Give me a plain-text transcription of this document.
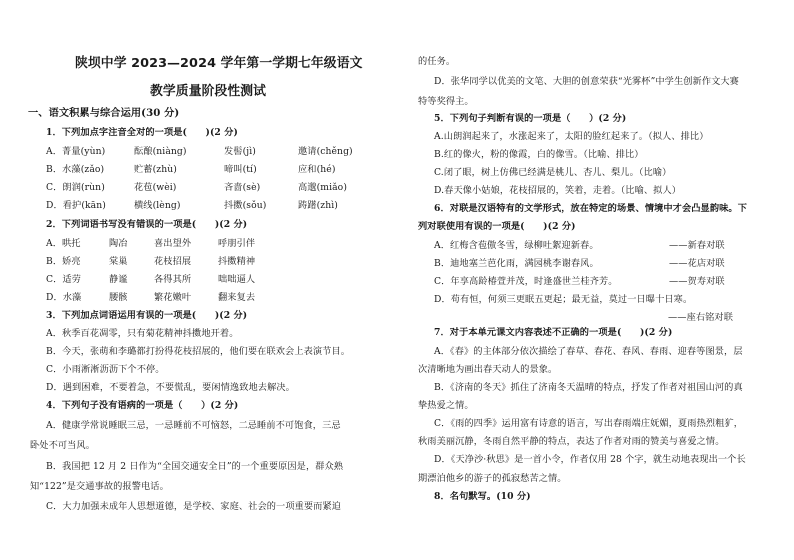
陕坝中学 2023—2024 学年第一学期七年级语文
教学质量阶段性测试
一、语文积累与综合运用(30 分)
1．下列加点字注音全对的一项是(　　)(2 分)
A．菁量(yùn)	酝酿(niàng)	发髻(jì)	邀请(chěng)
B．水藻(zǎo)	贮蓄(zhù)	啼叫(tí)	应和(hé)
C．朗润(rùn)	花苞(wèi)	吝啬(sè)	高邈(miǎo)
D．看护(kān)	横线(lèng)	抖擞(sǒu)	踌躇(zhì)
2．下列词语书写没有错误的一项是(　　)(2 分)
A．哄托	陶冶	喜出望外	呼朋引伴
B．娇亮	棠巢	花枝招展	抖擞精神
C．适劳	静谧	各得其所	咄咄逼人
D．水藻	腰骸	繁花嫩叶	翻来复去
3．下列加点词语运用有误的一项是(　　)(2 分)
A．秋季百花凋零，只有菊花精神抖擞地开着。
B．今天，张萌和李璐都打扮得花枝招展的，他们要在联欢会上表演节目。
C．小雨淅淅沥沥下个不停。
D．遇到困难，不要着急，不要慌乱，要闲情逸致地去解决。
4．下列句子没有语病的一项是（　　）(2 分)
A．健康学常说睡眠三忌，一忌睡前不可恼怒，二忌睡前不可饱食，三忌
卧处不可当风。
B．我国把 12 月 2 日作为“全国交通安全日”的一个重要原因是，群众熟
知“122”是交通事故的报警电话。
C．大力加强未成年人思想道德，是学校、家庭、社会的一项重要而紧迫
的任务。
D．张华同学以优美的文笔、大胆的创意荣获“光雾杯”中学生创新作文大赛
特等奖得主。
5．下列句子判断有误的一项是（　　）(2 分)
A.山朗润起来了，水涨起来了，太阳的脸红起来了。（拟人、排比）
B.红的像火，粉的像霞，白的像雪。（比喻、排比）
C.闭了眼，树上仿佛已经满是桃儿、杏儿、梨儿。（比喻）
D.春天像小姑娘，花枝招展的，笑着，走着。（比喻、拟人）
6．对联是汉语特有的文学形式，放在特定的场景、情境中才会凸显韵味。下
列对联使用有误的一项是(　　)(2 分)
A．红梅含苞傲冬雪，绿柳吐絮迎新春。	——新春对联
B．迪地塞兰芭化雨，满园桃李谢春风。	——花店对联
C．年享高龄椿萱并茂，时逢盛世兰桂齐芳。	——贺寿对联
D．苟有恒，何须三更眠五更起；最无益，莫过一日曝十日寒。
——座右铭对联
7．对于本单元课文内容表述不正确的一项是(　　)(2 分)
A．《春》的主体部分依次描绘了春草、春花、春风、春雨、迎春等图景，层
次清晰地为画出春天动人的景象。
B．《济南的冬天》抓住了济南冬天温晴的特点，抒发了作者对祖国山河的真
挚热爱之情。
C．《雨的四季》运用富有诗意的语言，写出春雨端庄妩媚，夏雨热烈粗犷，
秋雨美丽沉静，冬雨自然平静的特点，表达了作者对雨的赞美与喜爱之情。
D．《天净沙·秋思》是一首小令，作者仅用 28 个字，就生动地表现出一个长
期漂泊他乡的游子的孤寂愁苦之情。
8．名句默写。(10 分)
